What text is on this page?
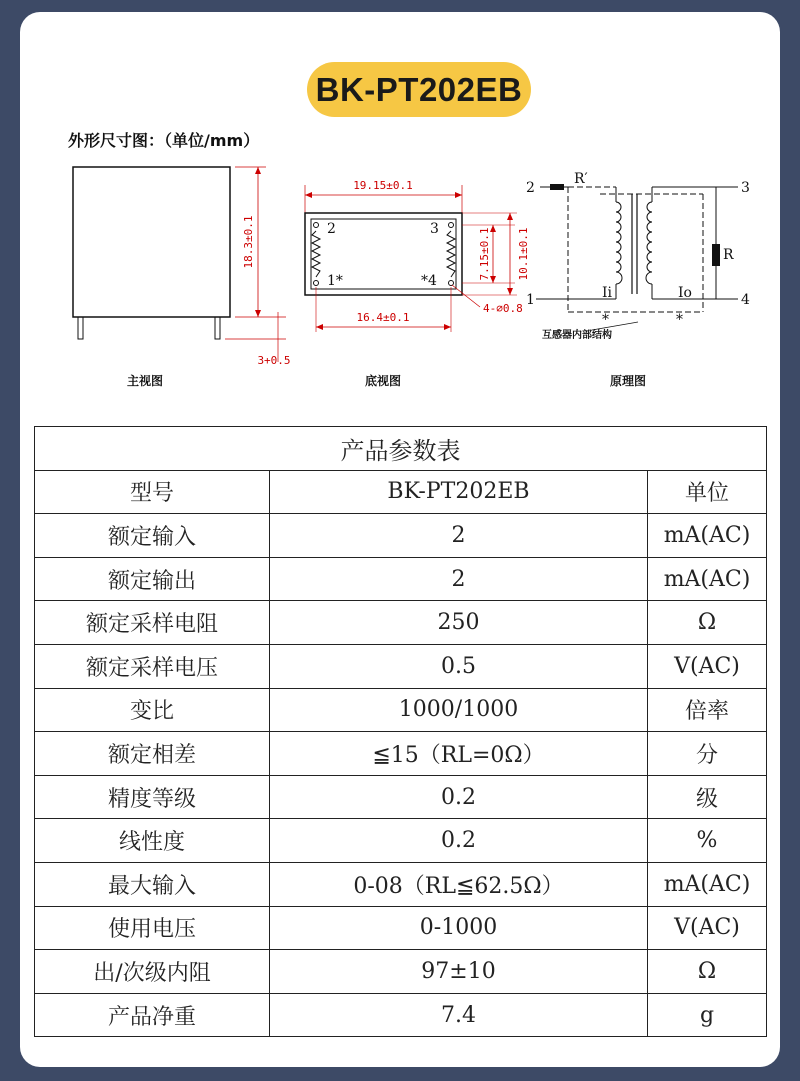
BK-PT202EB
外形尺寸图：（单位/mm）
18.3±0.1
3+0.5
主视图
19.15±0.1
2	3
1*	*4
7.15±0.1 10.1±0.1
4-⌀0.8
16.4±0.1
底视图
2	3
1	4
R′
R
Ii	Io
*	*
互感器内部结构
原理图
产品参数表		
型号	BK-PT202EB	单位
额定输入	2	mA(AC)
额定输出	2	mA(AC)
额定采样电阻	250	Ω
额定采样电压	0.5	V(AC)
变比	1000/1000	倍率
额定相差	≦15（RL=0Ω）	分
精度等级	0.2	级
线性度	0.2	%
最大输入	0-08（RL≦62.5Ω）	mA(AC)
使用电压	0-1000	V(AC)
出/次级内阻	97±10	Ω
产品净重	7.4	g
